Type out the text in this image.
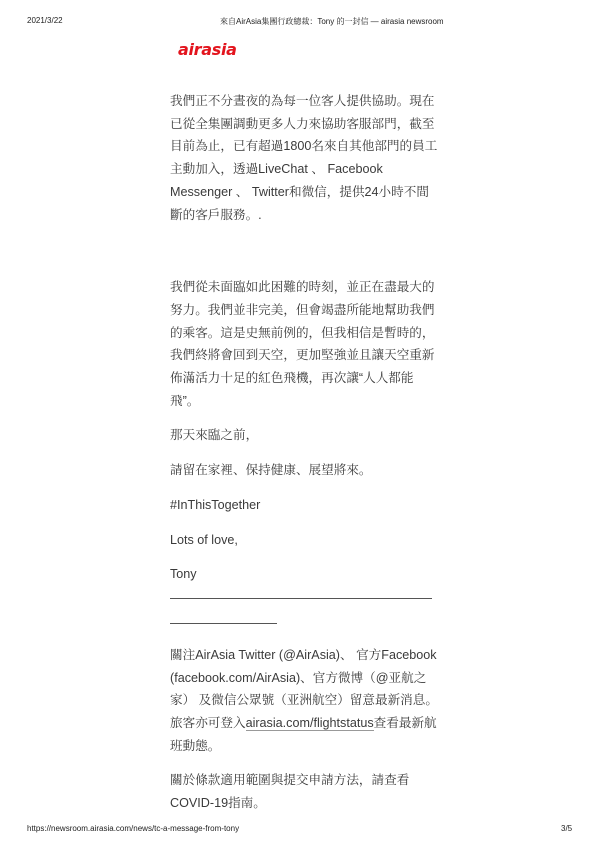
2021/3/22	來自AirAsia集團行政總裁：Tony 的一封信 — airasia newsroom
airasia

我們正不分晝夜的為每一位客人提供協助。現在已從全集團調動更多人力來協助客服部門，截至目前為止，已有超過1800名來自其他部門的員工主動加入，透過LiveChat 、 Facebook Messenger 、 Twitter和微信，提供24小時不間斷的客戶服務。.

我們從未面臨如此困難的時刻，並正在盡最大的努力。我們並非完美，但會竭盡所能地幫助我們的乘客。這是史無前例的，但我相信是暫時的，我們終將會回到天空，更加堅強並且讓天空重新佈滿活力十足的紅色飛機，再次讓“人人都能飛”。

那天來臨之前，

請留在家裡、保持健康、展望將來。

#InThisTogether

Lots of love,

Tony

關注AirAsia Twitter (@AirAsia)、 官方Facebook (facebook.com/AirAsia)、官方微博（@亚航之家） 及微信公眾號（亚洲航空）留意最新消息。旅客亦可登入airasia.com/flightstatus查看最新航班動態。

關於條款適用範圍與提交申請方法，請查看COVID-19指南。

https://newsroom.airasia.com/news/tc-a-message-from-tony	3/5
